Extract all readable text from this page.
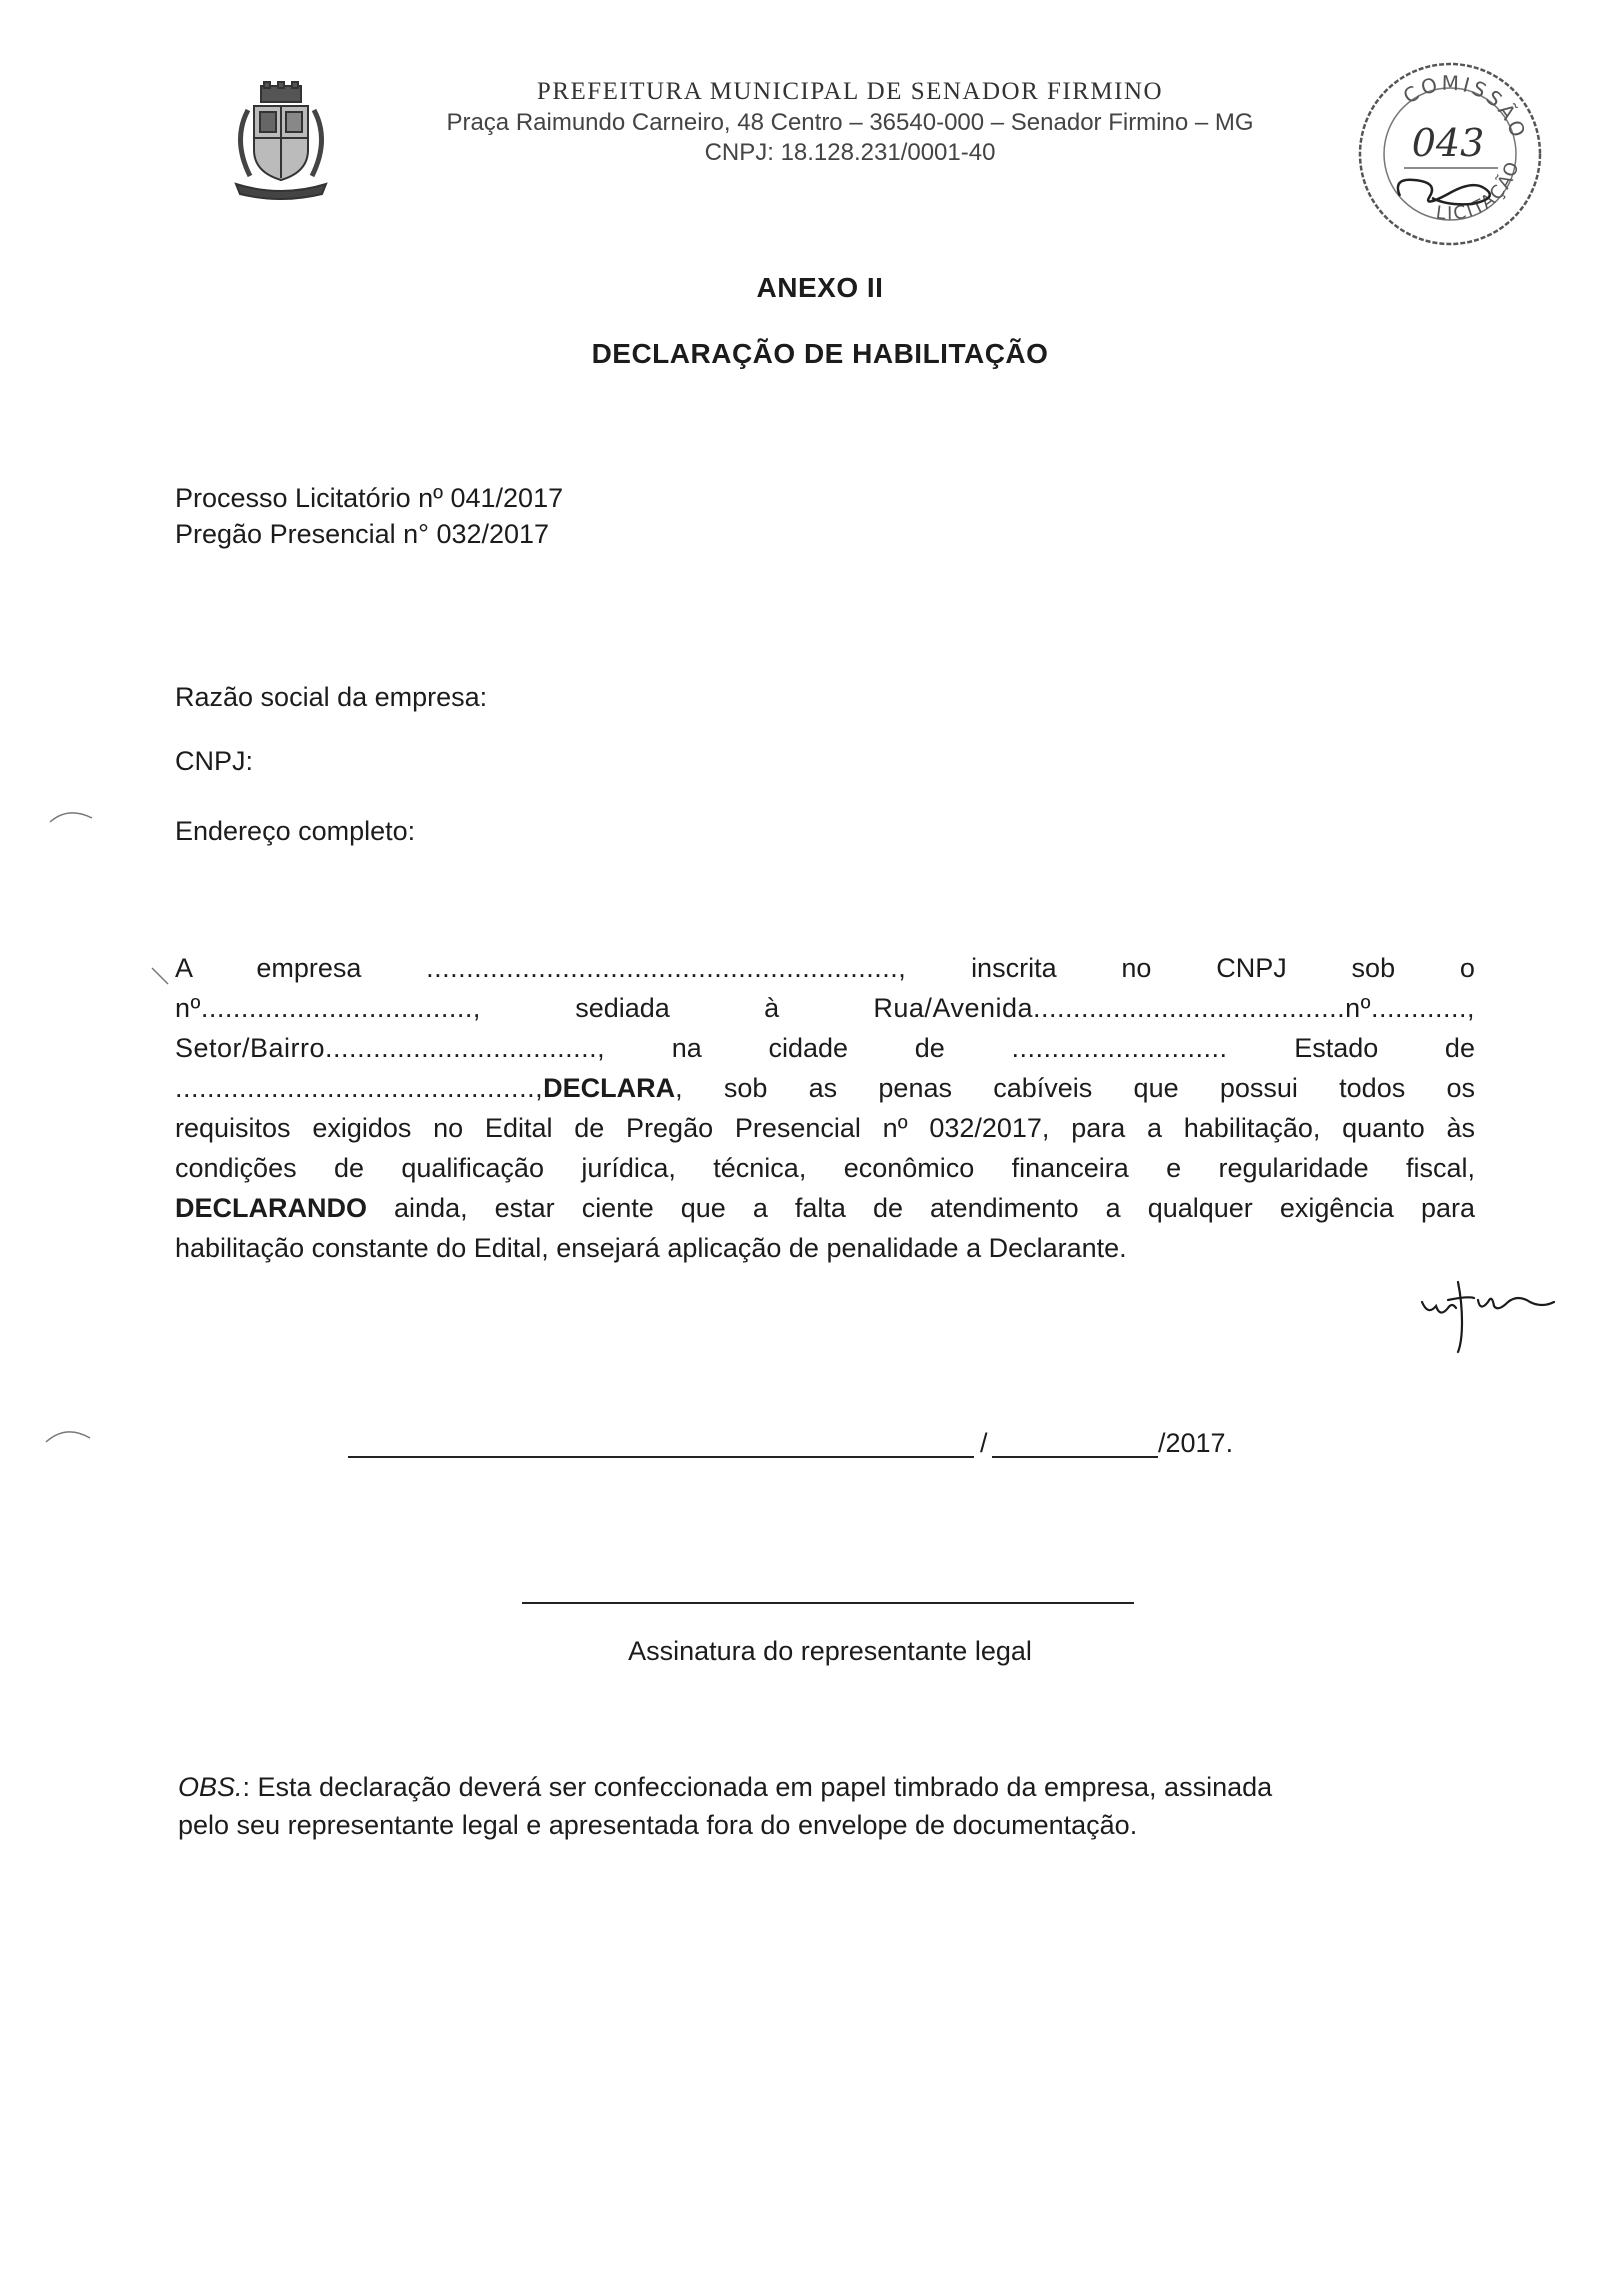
PREFEITURA MUNICIPAL DE SENADOR FIRMINO
Praça Raimundo Carneiro, 48 Centro – 36540-000 – Senador Firmino – MG
CNPJ: 18.128.231/0001-40
COMISSÃO
LICITAÇÃO
043
ANEXO II
DECLARAÇÃO DE HABILITAÇÃO
Processo Licitatório nº 041/2017
Pregão Presencial n° 032/2017
Razão social da empresa:
CNPJ:
Endereço completo:
A empresa ..........................................................., inscrita no CNPJ sob o
nº..................................,	sediada	à	Rua/Avenida.......................................nº............,
Setor/Bairro.................................., na cidade de ........................... Estado de
.............................................,DECLARA, sob as penas cabíveis que possui todos os
requisitos exigidos no Edital de Pregão Presencial nº 032/2017, para a habilitação, quanto às
condições de qualificação jurídica, técnica, econômico financeira e regularidade fiscal,
DECLARANDO ainda, estar ciente que a falta de atendimento a qualquer exigência para
habilitação constante do Edital, ensejará aplicação de penalidade a Declarante.
/	/2017.
Assinatura do representante legal
OBS.: Esta declaração deverá ser confeccionada em papel timbrado da empresa, assinada
pelo seu representante legal e apresentada fora do envelope de documentação.
